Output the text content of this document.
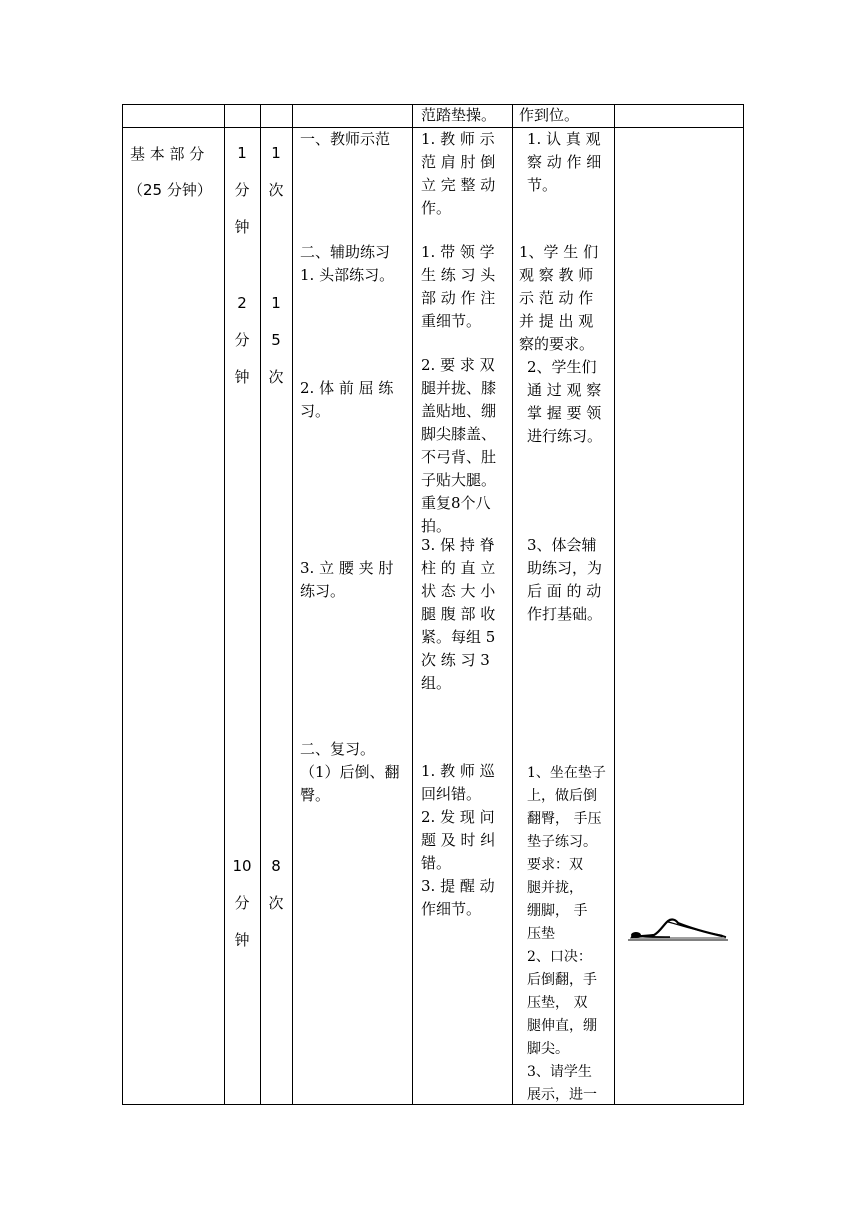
范踏垫操。 作到位。
基 本 部 分
（25 分钟）
1
分
钟
2
分
钟
10
分
钟
1
次
1
5
次
8
次
一、教师示范
二、辅助练习
1. 头部练习。
2. 体 前 屈 练
习。
3. 立 腰 夹 肘
练习。
二、复习。
（1）后倒、翻
臀。
1. 教 师 示
范 肩 肘 倒
立 完 整 动
作。
1. 带 领 学
生 练 习 头
部 动 作 注
重细节。
2. 要 求 双
腿并拢、膝
盖贴地、绷
脚尖膝盖、
不弓背、肚
子贴大腿。
重复8个八
拍。
3. 保 持 脊
柱 的 直 立
状 态 大 小
腿 腹 部 收
紧。每组 5
次 练 习 3
组。
1. 教 师 巡
回纠错。
2. 发 现 问
题 及 时 纠
错。
3. 提 醒 动
作细节。
1. 认 真 观
察 动 作 细
节。
1、学 生 们
观 察 教 师
示 范 动 作
并 提 出 观
察的要求。
2、学生们
通 过 观 察
掌 握 要 领
进行练习。
3、体会辅
助练习，为
后 面 的 动
作打基础。
1、坐在垫子
上，做后倒
翻臀， 手压
垫子练习。
要求：双
腿并拢，
绷脚， 手
压垫
2、口决：
后倒翻，手
压垫， 双
腿伸直，绷
脚尖。
3、请学生
展示，进一
